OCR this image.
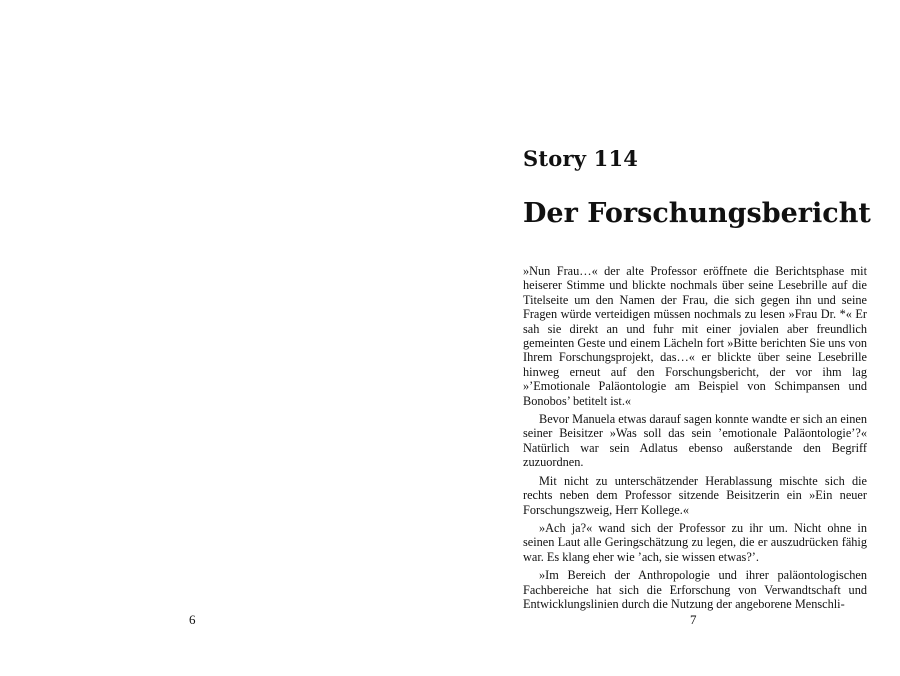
6
Story 114
Der Forschungsbericht

»Nun Frau…« der alte Professor eröffnete die Berichtsphase mit heiserer Stimme und blickte nochmals über seine Lesebrille auf die Titelseite um den Namen der Frau, die sich gegen ihn und seine Fragen würde verteidigen müssen nochmals zu lesen »Frau Dr. *« Er sah sie direkt an und fuhr mit einer jovialen aber freundlich gemeinten Geste und einem Lächeln fort »Bitte berichten Sie uns von Ihrem Forschungsprojekt, das…« er blickte über seine Lesebrille hinweg erneut auf den Forschungsbericht, der vor ihm lag »’Emotionale Paläontologie am Beispiel von Schimpansen und Bonobos’ betitelt ist.«

Bevor Manuela etwas darauf sagen konnte wandte er sich an einen seiner Beisitzer »Was soll das sein ’emotionale Paläontologie’?« Natürlich war sein Adlatus ebenso außerstande den Begriff zuzuordnen.

Mit nicht zu unterschätzender Herablassung mischte sich die rechts neben dem Professor sitzende Beisitzerin ein »Ein neuer Forschungszweig, Herr Kollege.«

»Ach ja?« wand sich der Professor zu ihr um. Nicht ohne in seinen Laut alle Geringschätzung zu legen, die er auszudrücken fähig war. Es klang eher wie ’ach, sie wissen etwas?’.

»Im Bereich der Anthropologie und ihrer paläontologischen Fachbereiche hat sich die Erforschung von Verwandtschaft und Entwicklungslinien durch die Nutzung der angeborene Menschli-

7
